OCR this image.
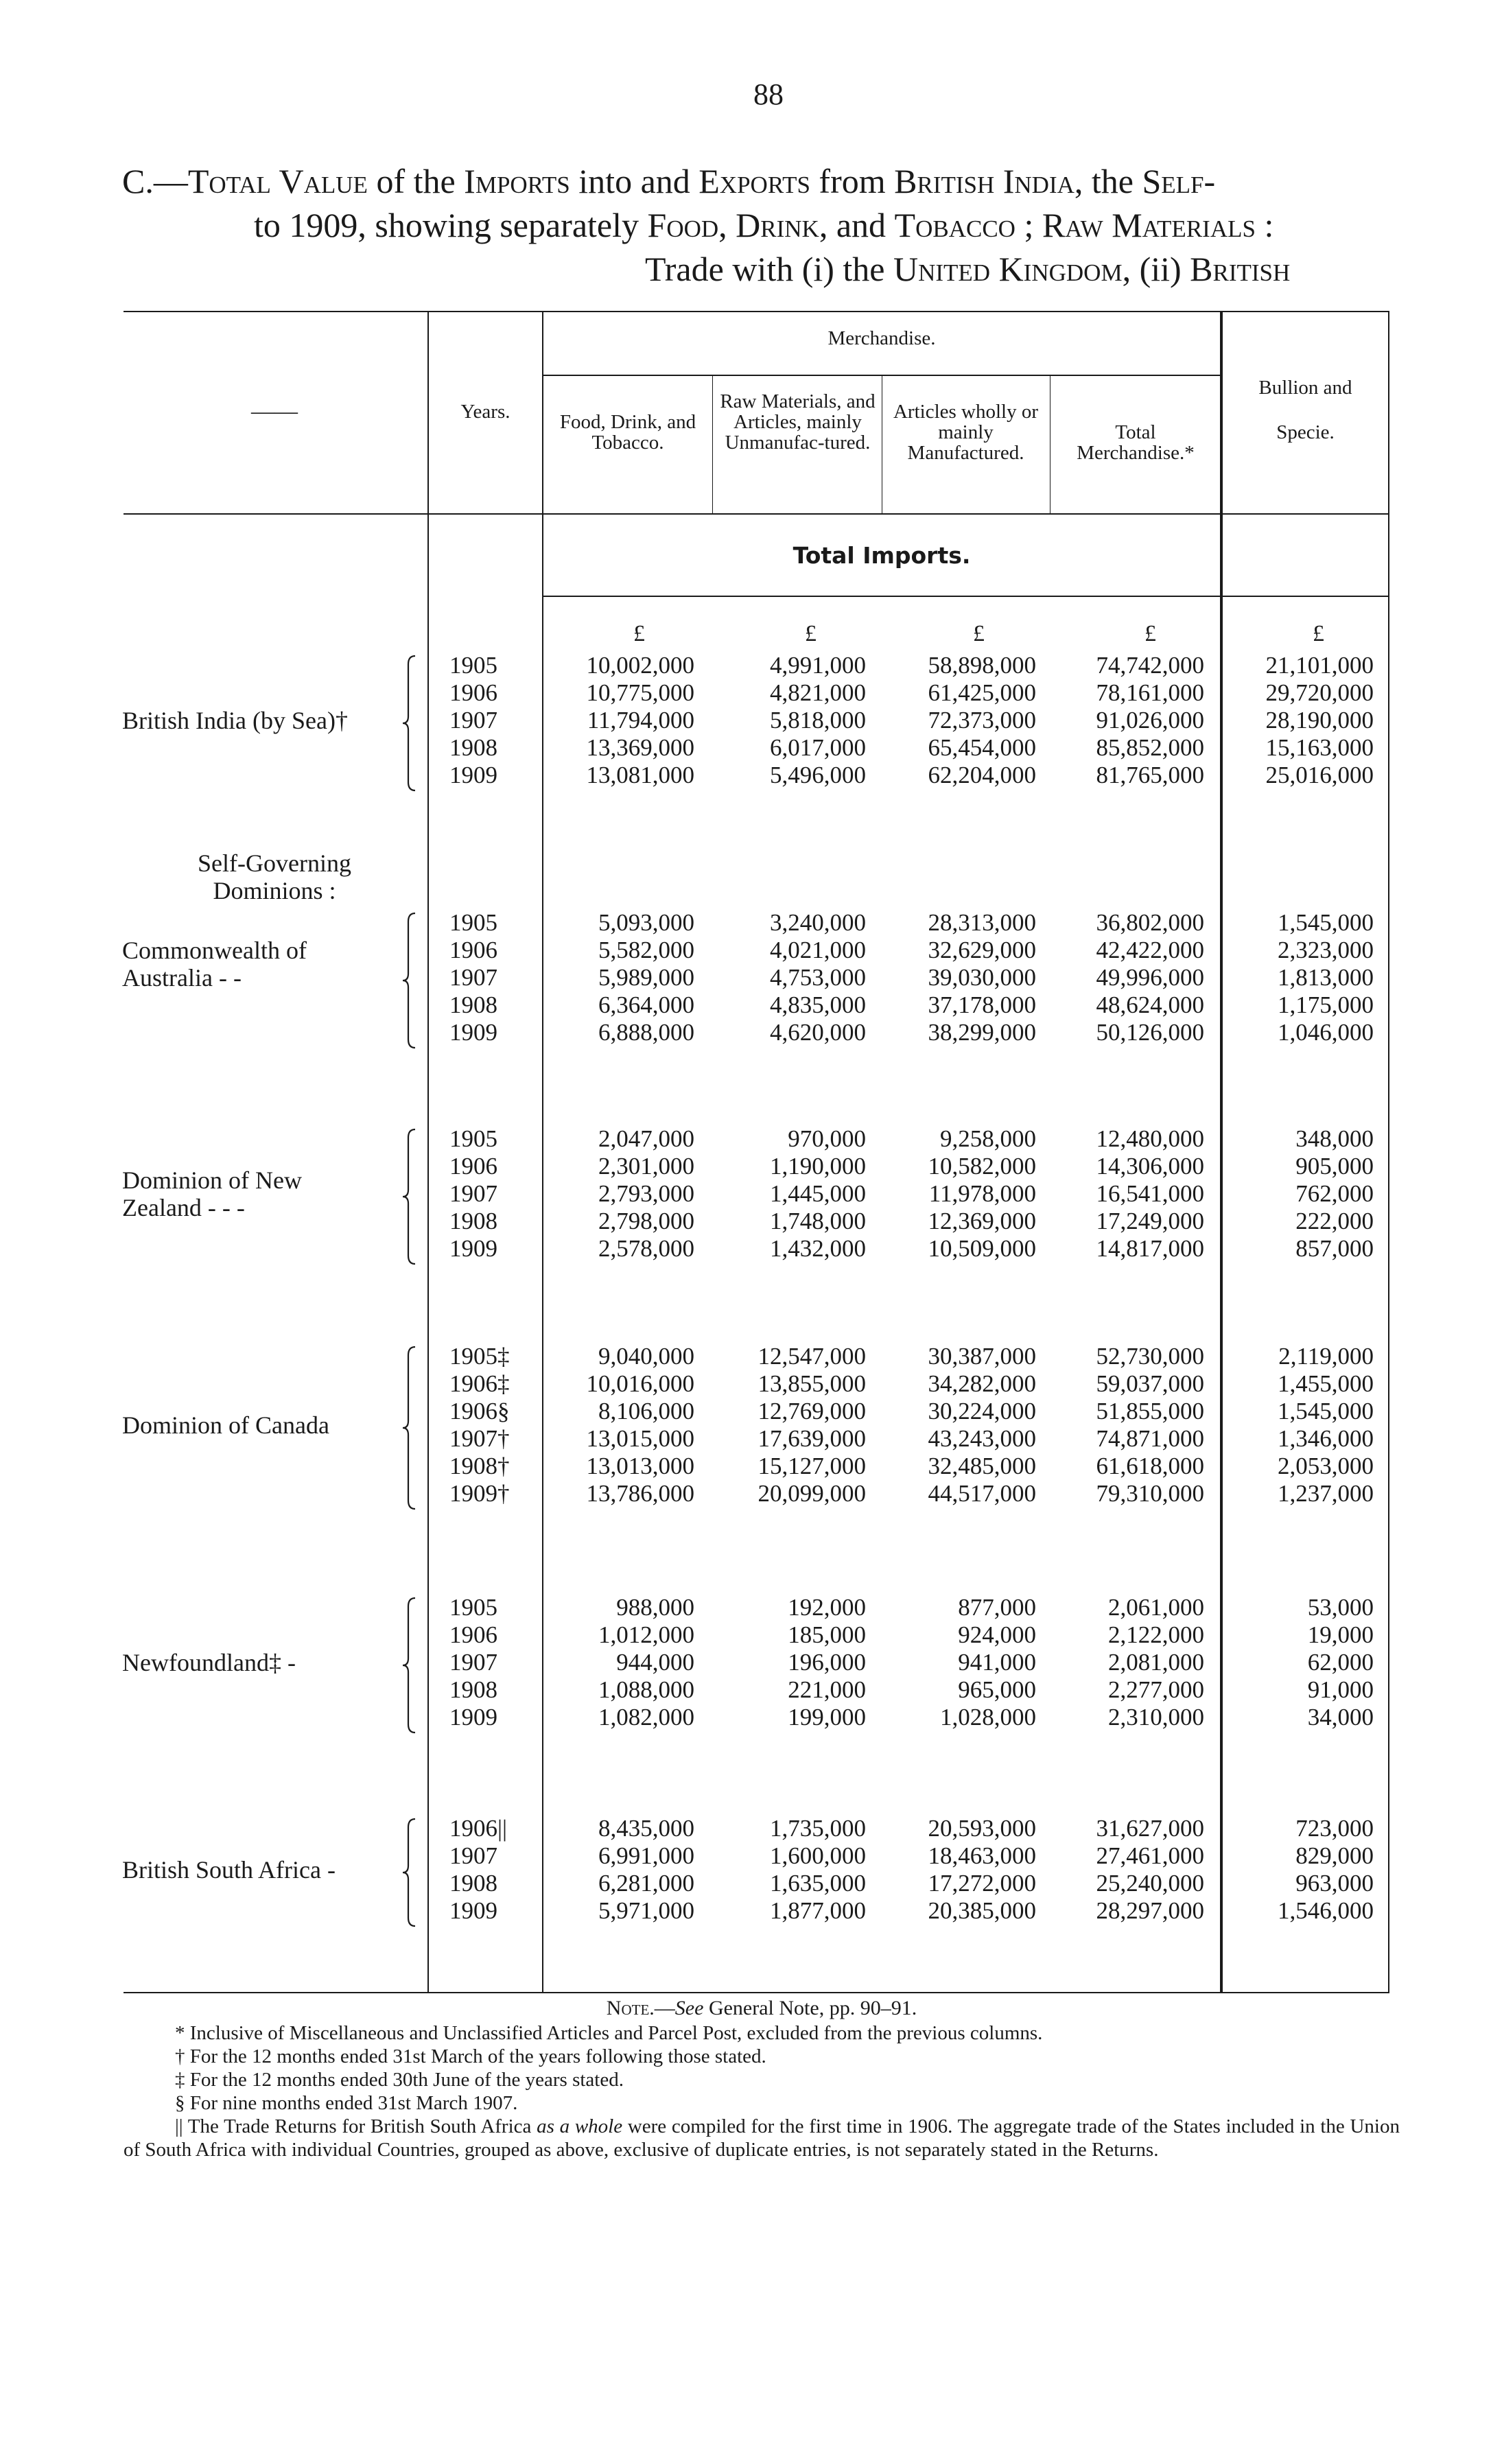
88
C.—Total Value of the Imports into and Exports from British India, the Self-
to 1909, showing separately Food, Drink, and Tobacco ; Raw Materials :
Trade with (i) the United Kingdom, (ii) British
——	Years.
Merchandise.
Food, Drink, and Tobacco.
Raw Materials, and Articles, mainly Unmanufac-tured.
Articles wholly or mainly Manufactured.
Total Merchandise.*
Bullion and
Specie.
Total Imports.
£	£	£	£	£
Self-Governing
Dominions :
British India (by Sea)†
1905	10,002,000	4,991,000	58,898,000	74,742,000	21,101,000
1906	10,775,000	4,821,000	61,425,000	78,161,000	29,720,000
1907	11,794,000	5,818,000	72,373,000	91,026,000	28,190,000
1908	13,369,000	6,017,000	65,454,000	85,852,000	15,163,000
1909	13,081,000	5,496,000	62,204,000	81,765,000	25,016,000
Commonwealth of
Australia - -
1905	5,093,000	3,240,000	28,313,000	36,802,000	1,545,000
1906	5,582,000	4,021,000	32,629,000	42,422,000	2,323,000
1907	5,989,000	4,753,000	39,030,000	49,996,000	1,813,000
1908	6,364,000	4,835,000	37,178,000	48,624,000	1,175,000
1909	6,888,000	4,620,000	38,299,000	50,126,000	1,046,000
Dominion of New
Zealand - - -
1905	2,047,000	970,000	9,258,000	12,480,000	348,000
1906	2,301,000	1,190,000	10,582,000	14,306,000	905,000
1907	2,793,000	1,445,000	11,978,000	16,541,000	762,000
1908	2,798,000	1,748,000	12,369,000	17,249,000	222,000
1909	2,578,000	1,432,000	10,509,000	14,817,000	857,000
Dominion of Canada
1905‡	9,040,000	12,547,000	30,387,000	52,730,000	2,119,000
1906‡	10,016,000	13,855,000	34,282,000	59,037,000	1,455,000
1906§	8,106,000	12,769,000	30,224,000	51,855,000	1,545,000
1907†	13,015,000	17,639,000	43,243,000	74,871,000	1,346,000
1908†	13,013,000	15,127,000	32,485,000	61,618,000	2,053,000
1909†	13,786,000	20,099,000	44,517,000	79,310,000	1,237,000
Newfoundland‡ -
1905	988,000	192,000	877,000	2,061,000	53,000
1906	1,012,000	185,000	924,000	2,122,000	19,000
1907	944,000	196,000	941,000	2,081,000	62,000
1908	1,088,000	221,000	965,000	2,277,000	91,000
1909	1,082,000	199,000	1,028,000	2,310,000	34,000
British South Africa -
1906||	8,435,000	1,735,000	20,593,000	31,627,000	723,000
1907	6,991,000	1,600,000	18,463,000	27,461,000	829,000
1908	6,281,000	1,635,000	17,272,000	25,240,000	963,000
1909	5,971,000	1,877,000	20,385,000	28,297,000	1,546,000
Note.—See General Note, pp. 90–91.
* Inclusive of Miscellaneous and Unclassified Articles and Parcel Post, excluded from the previous columns.
† For the 12 months ended 31st March of the years following those stated.
‡ For the 12 months ended 30th June of the years stated.
§ For nine months ended 31st March 1907.
|| The Trade Returns for British South Africa as a whole were compiled for the first time in 1906. The aggregate trade of the States included in the Union of South Africa with individual Countries, grouped as above, exclusive of duplicate entries, is not separately stated in the Returns.
